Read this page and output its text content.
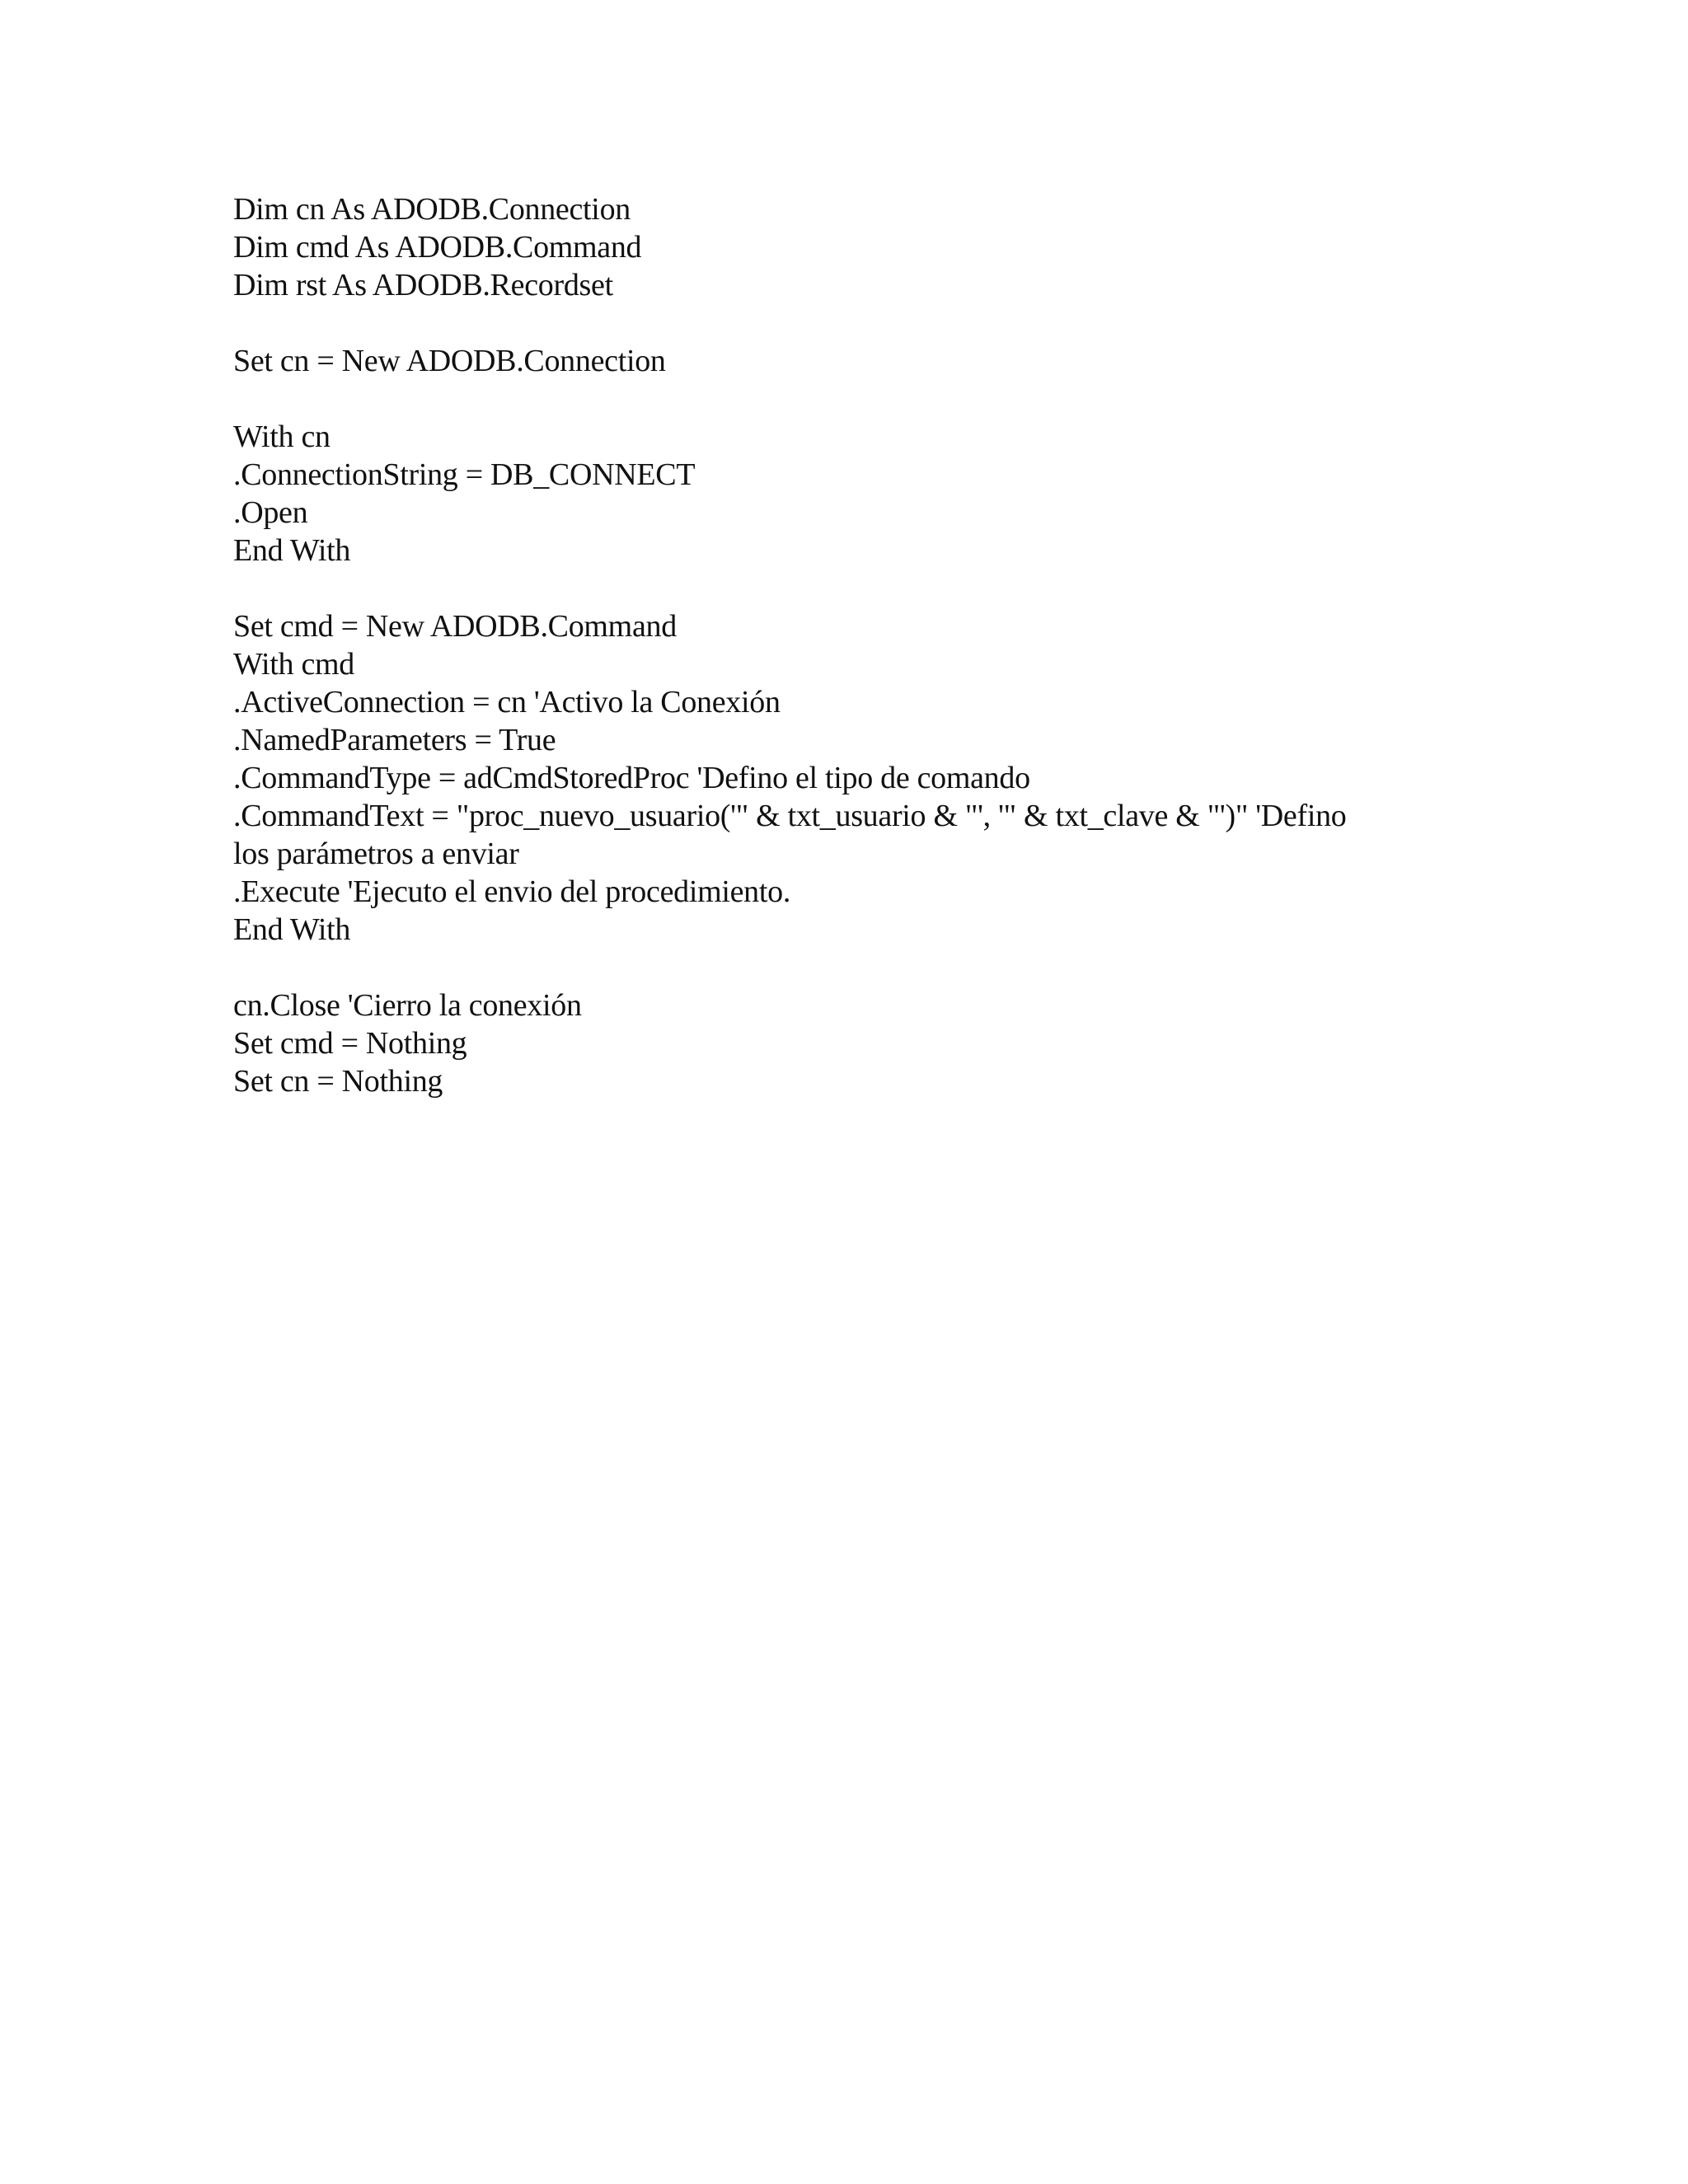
Dim cn As ADODB.Connection
Dim cmd As ADODB.Command
Dim rst As ADODB.Recordset
Set cn = New ADODB.Connection
With cn
.ConnectionString = DB_CONNECT
.Open
End With
Set cmd = New ADODB.Command
With cmd
.ActiveConnection = cn 'Activo la Conexión
.NamedParameters = True
.CommandType = adCmdStoredProc 'Defino el tipo de comando
.CommandText = "proc_nuevo_usuario('" & txt_usuario & "', '" & txt_clave & "')" 'Defino
los parámetros a enviar
.Execute 'Ejecuto el envio del procedimiento.
End With
cn.Close 'Cierro la conexión
Set cmd = Nothing
Set cn = Nothing
